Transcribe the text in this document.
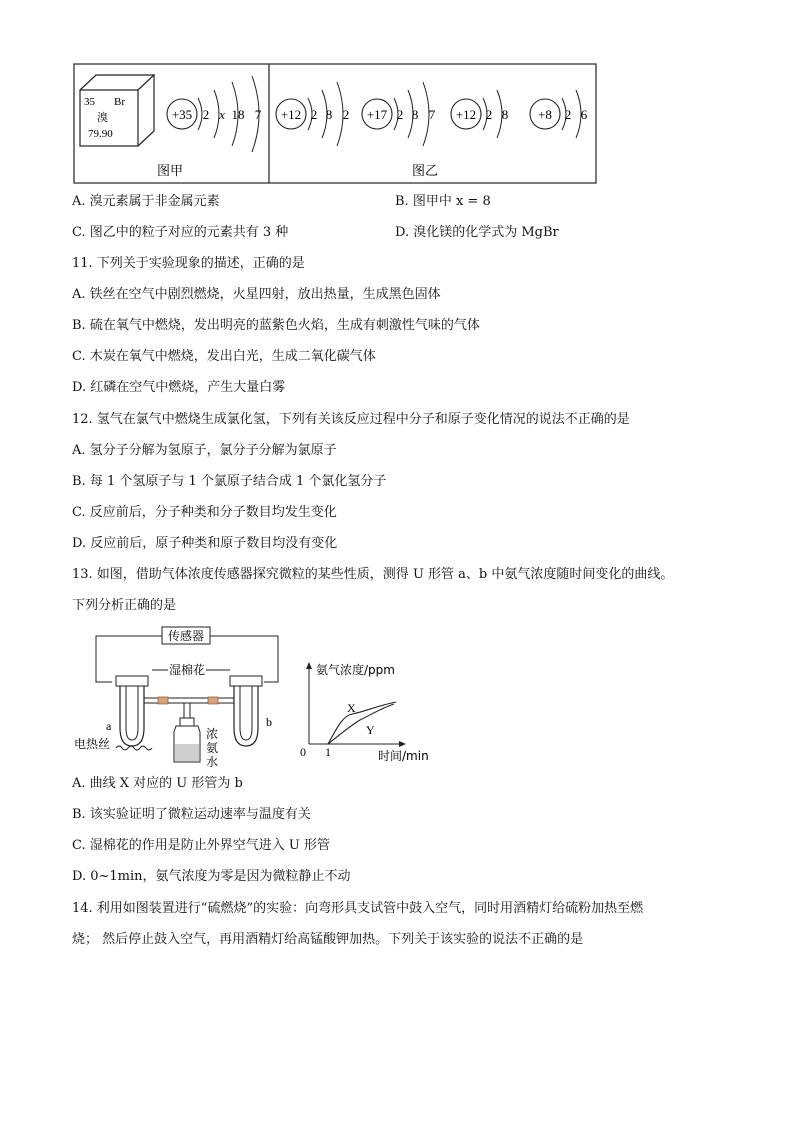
35 Br
溴
79.90
+35 2 x 18 7 +12 2 8 2 +17 2 8 7 +12 2 8 +8 2 6
图甲	图乙
A. 溴元素属于非金属元素	B. 图甲中 x = 8
C. 图乙中的粒子对应的元素共有 3 种	D. 溴化镁的化学式为 MgBr
11. 下列关于实验现象的描述，正确的是
A. 铁丝在空气中剧烈燃烧，火星四射，放出热量，生成黑色固体
B. 硫在氧气中燃烧，发出明亮的蓝紫色火焰，生成有刺激性气味的气体
C. 木炭在氧气中燃烧，发出白光，生成二氧化碳气体
D. 红磷在空气中燃烧，产生大量白雾
12. 氢气在氯气中燃烧生成氯化氢，下列有关该反应过程中分子和原子变化情况的说法不正确的是
A. 氢分子分解为氢原子，氯分子分解为氯原子
B. 每 1 个氢原子与 1 个氯原子结合成 1 个氯化氢分子
C. 反应前后，分子种类和分子数目均发生变化
D. 反应前后，原子种类和原子数目均没有变化
13. 如图，借助气体浓度传感器探究微粒的某些性质，测得 U 形管 a、b 中氨气浓度随时间变化的曲线。
下列分析正确的是
传感器
湿棉花
浓
氨
水
a	b
电热丝
氨气浓度/ppm
时间/min
0 1
X
Y
A. 曲线 X 对应的 U 形管为 b
B. 该实验证明了微粒运动速率与温度有关
C. 湿棉花的作用是防止外界空气进入 U 形管
D. 0~1min，氨气浓度为零是因为微粒静止不动
14. 利用如图装置进行“硫燃烧”的实验：向弯形具支试管中鼓入空气，同时用酒精灯给硫粉加热至燃
烧； 然后停止鼓入空气，再用酒精灯给高锰酸钾加热。下列关于该实验的说法不正确的是
